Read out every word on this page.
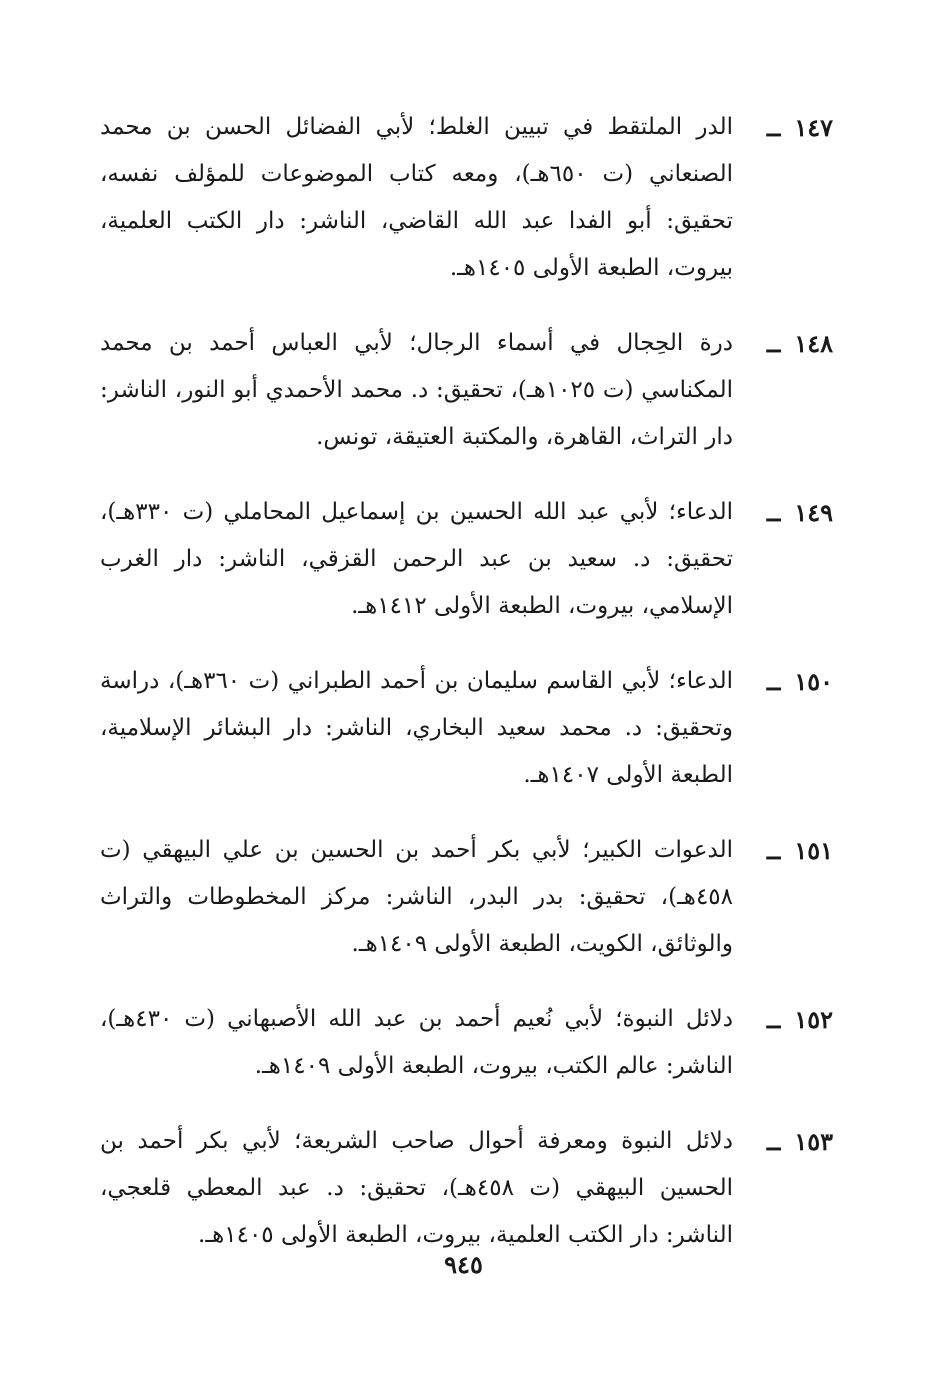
١٤٧
ــ
الدر الملتقط في تبيين الغلط؛ لأبي الفضائل الحسن بن محمد الصنعاني (ت ٦٥٠هـ)، ومعه كتاب الموضوعات للمؤلف نفسه، تحقيق: أبو الفدا عبد الله القاضي، الناشر: دار الكتب العلمية، بيروت، الطبعة الأولى ١٤٠٥هـ.
١٤٨
ــ
درة الحِجال في أسماء الرجال؛ لأبي العباس أحمد بن محمد المكناسي (ت ١٠٢٥هـ)، تحقيق: د. محمد الأحمدي أبو النور، الناشر: دار التراث، القاهرة، والمكتبة العتيقة، تونس.
١٤٩
ــ
الدعاء؛ لأبي عبد الله الحسين بن إسماعيل المحاملي (ت ٣٣٠هـ)، تحقيق: د. سعيد بن عبد الرحمن القزقي، الناشر: دار الغرب الإسلامي، بيروت، الطبعة الأولى ١٤١٢هـ.
١٥٠
ــ
الدعاء؛ لأبي القاسم سليمان بن أحمد الطبراني (ت ٣٦٠هـ)، دراسة وتحقيق: د. محمد سعيد البخاري، الناشر: دار البشائر الإسلامية، الطبعة الأولى ١٤٠٧هـ.
١٥١
ــ
الدعوات الكبير؛ لأبي بكر أحمد بن الحسين بن علي البيهقي (ت ٤٥٨هـ)، تحقيق: بدر البدر، الناشر: مركز المخطوطات والتراث والوثائق، الكويت، الطبعة الأولى ١٤٠٩هـ.
١٥٢
ــ
دلائل النبوة؛ لأبي نُعيم أحمد بن عبد الله الأصبهاني (ت ٤٣٠هـ)، الناشر: عالم الكتب، بيروت، الطبعة الأولى ١٤٠٩هـ.
١٥٣
ــ
دلائل النبوة ومعرفة أحوال صاحب الشريعة؛ لأبي بكر أحمد بن الحسين البيهقي (ت ٤٥٨هـ)، تحقيق: د. عبد المعطي قلعجي، الناشر: دار الكتب العلمية، بيروت، الطبعة الأولى ١٤٠٥هـ.
٩٤٥
